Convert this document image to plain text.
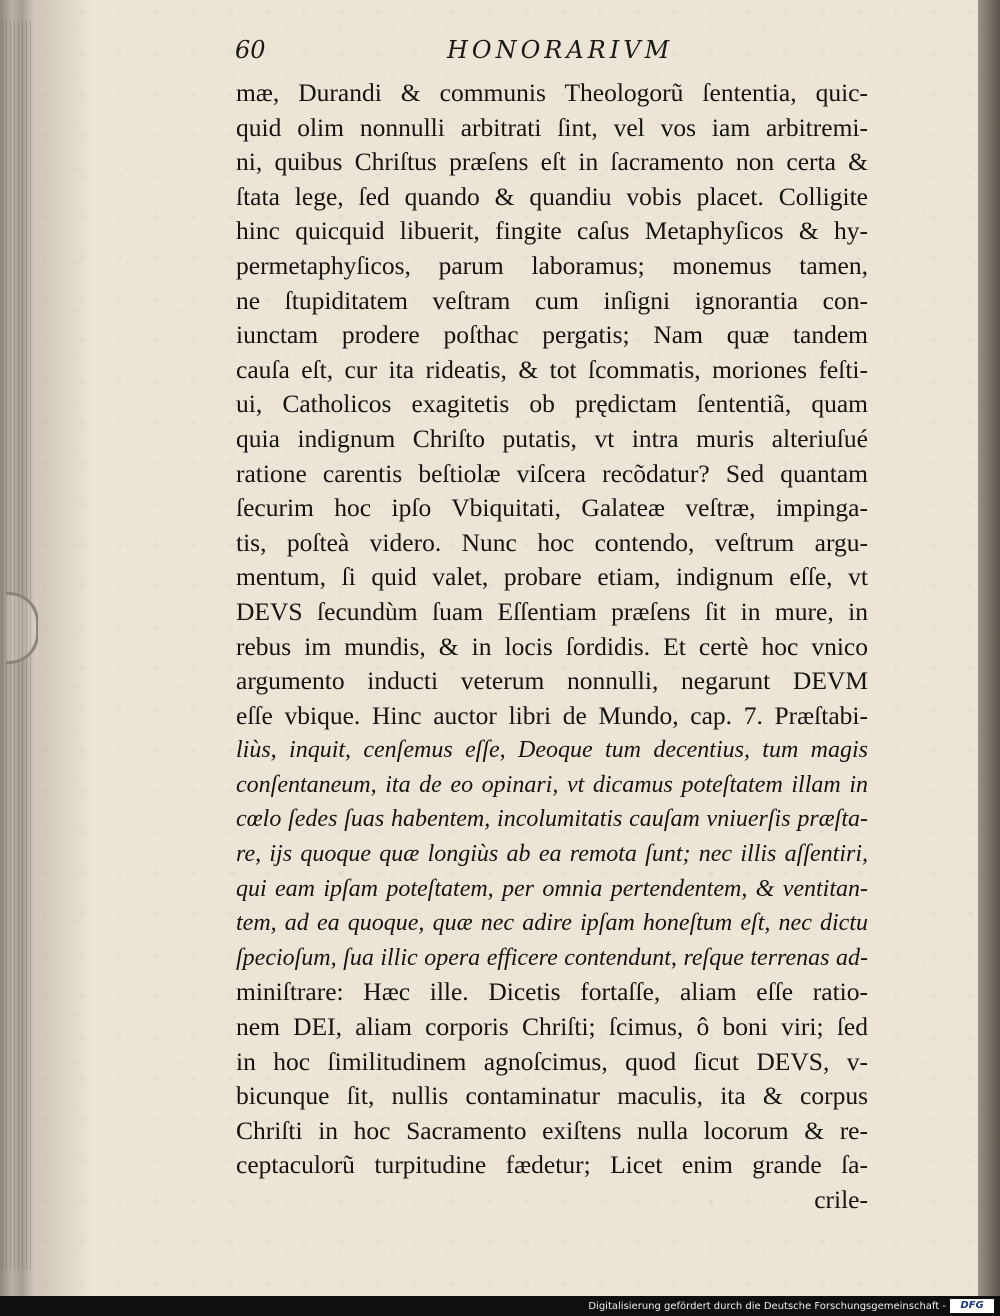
60	HONORARIVM
mæ, Durandi & communis Theologorũ ſententia, quic-
quid olim nonnulli arbitrati ſint, vel vos iam arbitremi-
ni, quibus Chriſtus præſens eſt in ſacramento non certa &
ſtata lege, ſed quando & quandiu vobis placet. Colligite
hinc quicquid libuerit, fingite caſus Metaphyſicos & hy-
permetaphyſicos, parum laboramus; monemus tamen,
ne ſtupiditatem veſtram cum inſigni ignorantia con-
iunctam prodere poſthac pergatis; Nam quæ tandem
cauſa eſt, cur ita rideatis, & tot ſcommatis, moriones feſti-
ui, Catholicos exagitetis ob prędictam ſententiã, quam
quia indignum Chriſto putatis, vt intra muris alteriuſué
ratione carentis beſtiolæ viſcera recõdatur? Sed quantam
ſecurim hoc ipſo Vbiquitati, Galateæ veſtræ, impinga-
tis, poſteà videro. Nunc hoc contendo, veſtrum argu-
mentum, ſi quid valet, probare etiam, indignum eſſe, vt
DEVS ſecundùm ſuam Eſſentiam præſens ſit in mure, in
rebus im mundis, & in locis ſordidis. Et certè hoc vnico
argumento inducti veterum nonnulli, negarunt DEVM
eſſe vbique. Hinc auctor libri de Mundo, cap. 7. Præſtabi-
liùs, inquit, cenſemus eſſe, Deoque tum decentius, tum magis
conſentaneum, ita de eo opinari, vt dicamus poteſtatem illam in
cœlo ſedes ſuas habentem, incolumitatis cauſam vniuerſis præſta-
re, ijs quoque quæ longiùs ab ea remota ſunt; nec illis aſſentiri,
qui eam ipſam poteſtatem, per omnia pertendentem, & ventitan-
tem, ad ea quoque, quæ nec adire ipſam honeſtum eſt, nec dictu
ſpecioſum, ſua illic opera efficere contendunt, reſque terrenas ad-
miniſtrare: Hæc ille. Dicetis fortaſſe, aliam eſſe ratio-
nem DEI, aliam corporis Chriſti; ſcimus, ô boni viri; ſed
in hoc ſimilitudinem agnoſcimus, quod ſicut DEVS, v-
bicunque ſit, nullis contaminatur maculis, ita & corpus
Chriſti in hoc Sacramento exiſtens nulla locorum & re-
ceptaculorũ turpitudine fædetur; Licet enim grande ſa-
crile-
Digitalisierung gefördert durch die Deutsche Forschungsgemeinschaft -	DFG
